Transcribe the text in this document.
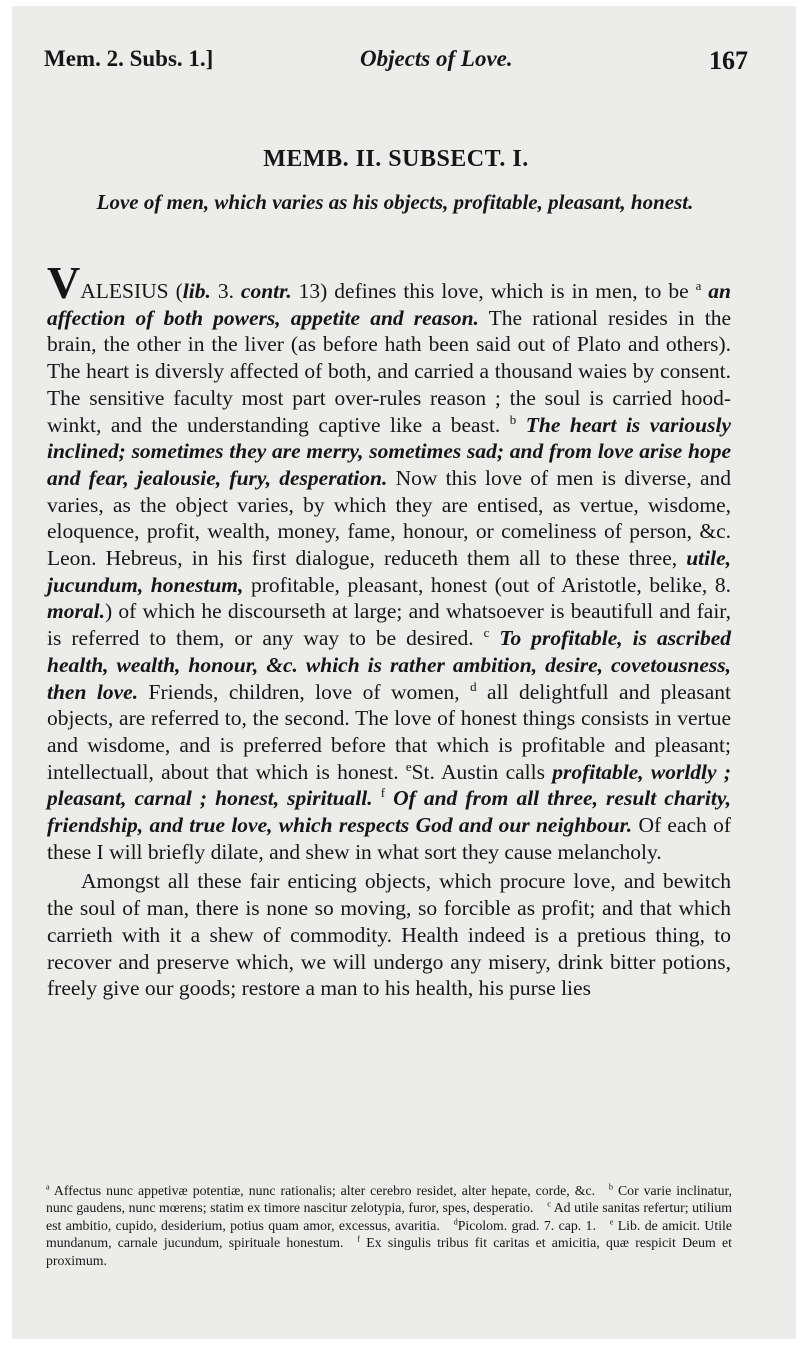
Mem. 2. Subs. 1.]	Objects of Love.	167
MEMB. II. SUBSECT. I.
Love of men, which varies as his objects, profitable, pleasant, honest.

VALESIUS (lib. 3. contr. 13) defines this love, which is in men, to be $^a$ an affection of both powers, appetite and reason. The rational resides in the brain, the other in the liver (as before hath been said out of Plato and others). The heart is diversly affected of both, and carried a thousand waies by consent. The sensitive faculty most part over-rules reason ; the soul is carried hood-winkt, and the understanding captive like a beast. $^b$ The heart is variously inclined; sometimes they are merry, sometimes sad; and from love arise hope and fear, jealousie, fury, desperation. Now this love of men is diverse, and varies, as the object varies, by which they are entised, as vertue, wisdome, eloquence, profit, wealth, money, fame, honour, or comeliness of person, &c. Leon. Hebreus, in his first dialogue, reduceth them all to these three, utile, jucundum, honestum, profitable, pleasant, honest (out of Aristotle, belike, 8. moral.) of which he discourseth at large; and whatsoever is beautifull and fair, is referred to them, or any way to be desired. $^c$ To profitable, is ascribed health, wealth, honour, &c. which is rather ambition, desire, covetousness, then love. Friends, children, love of women, $^d$ all delightfull and pleasant objects, are referred to, the second. The love of honest things consists in vertue and wisdome, and is preferred before that which is profitable and pleasant; intellectuall, about that which is honest. $^e$St. Austin calls profitable, worldly ; pleasant, carnal ; honest, spirituall. $^f$ Of and from all three, result charity, friendship, and true love, which respects God and our neighbour. Of each of these I will briefly dilate, and shew in what sort they cause melancholy.

Amongst all these fair enticing objects, which procure love, and bewitch the soul of man, there is none so moving, so forcible as profit; and that which carrieth with it a shew of commodity. Health indeed is a pretious thing, to recover and preserve which, we will undergo any misery, drink bitter potions, freely give our goods; restore a man to his health, his purse lies

$^a$ Affectus nunc appetivæ potentiæ, nunc rationalis; alter cerebro residet, alter hepate, corde, &c.  $^b$ Cor varie inclinatur, nunc gaudens, nunc mœrens; statim ex timore nascitur zelotypia, furor, spes, desperatio.  $^c$ Ad utile sanitas refertur; utilium est ambitio, cupido, desiderium, potius quam amor, excessus, avaritia.  $^d$Picolom. grad. 7. cap. 1.  $^e$ Lib. de amicit. Utile mundanum, carnale jucundum, spirituale honestum.  $^f$ Ex singulis tribus fit caritas et amicitia, quæ respicit Deum et proximum. 
